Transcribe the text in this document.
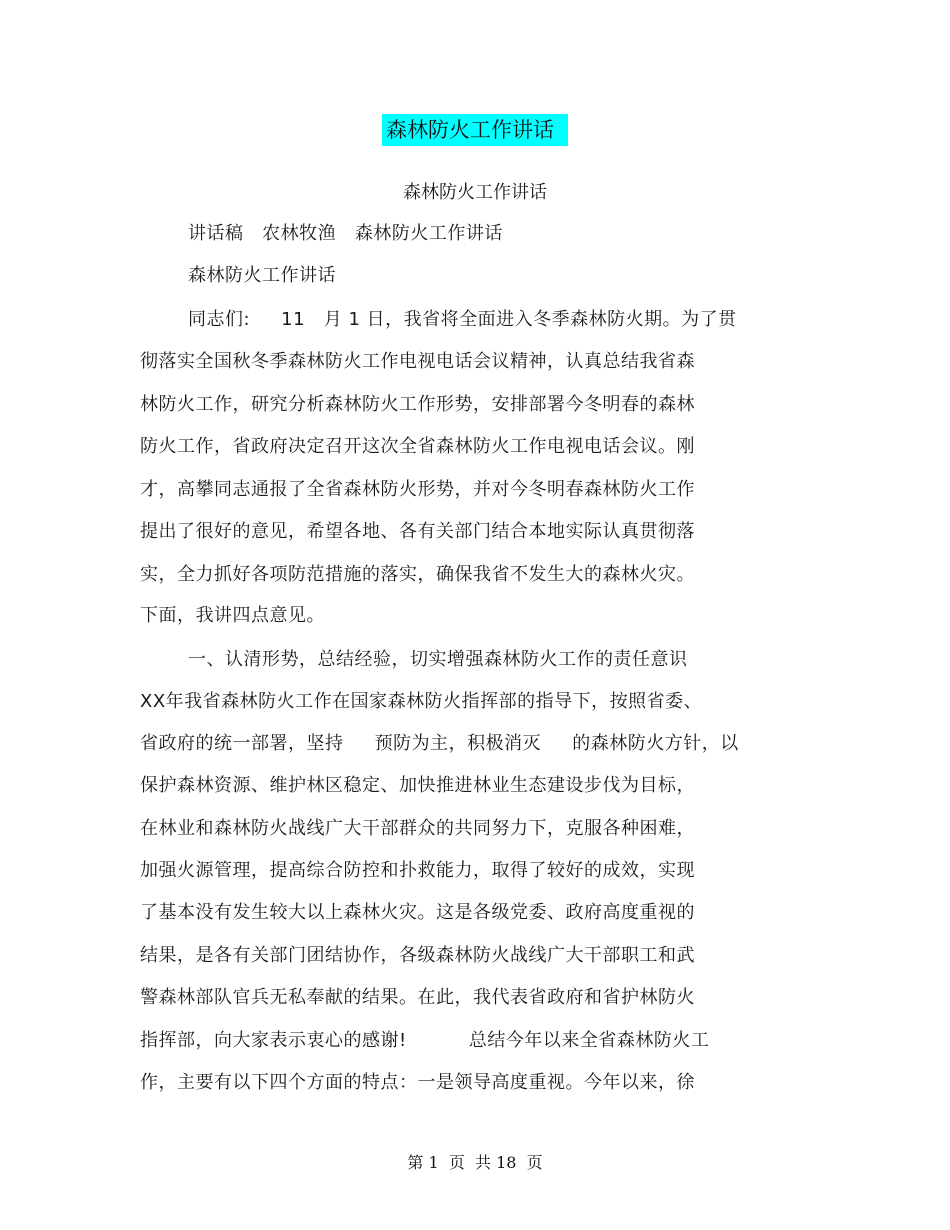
森林防火工作讲话
森林防火工作讲话
讲话稿   农林牧渔   森林防火工作讲话
森林防火工作讲话
同志们:     11   月 1 日，我省将全面进入冬季森林防火期。为了贯
彻落实全国秋冬季森林防火工作电视电话会议精神，认真总结我省森
林防火工作，研究分析森林防火工作形势，安排部署今冬明春的森林
防火工作，省政府决定召开这次全省森林防火工作电视电话会议。刚
才，高攀同志通报了全省森林防火形势，并对今冬明春森林防火工作
提出了很好的意见，希望各地、各有关部门结合本地实际认真贯彻落
实，全力抓好各项防范措施的落实，确保我省不发生大的森林火灾。
下面，我讲四点意见。
一、认清形势，总结经验，切实增强森林防火工作的责任意识
XX年我省森林防火工作在国家森林防火指挥部的指导下，按照省委、
省政府的统一部署，坚持     预防为主，积极消灭     的森林防火方针，以
保护森林资源、维护林区稳定、加快推进林业生态建设步伐为目标，
在林业和森林防火战线广大干部群众的共同努力下，克服各种困难，
加强火源管理，提高综合防控和扑救能力，取得了较好的成效，实现
了基本没有发生较大以上森林火灾。这是各级党委、政府高度重视的
结果，是各有关部门团结协作，各级森林防火战线广大干部职工和武
警森林部队官兵无私奉献的结果。在此，我代表省政府和省护林防火
指挥部，向大家表示衷心的感谢!          总结今年以来全省森林防火工
作，主要有以下四个方面的特点：一是领导高度重视。今年以来，徐
第 1  页  共 18  页
